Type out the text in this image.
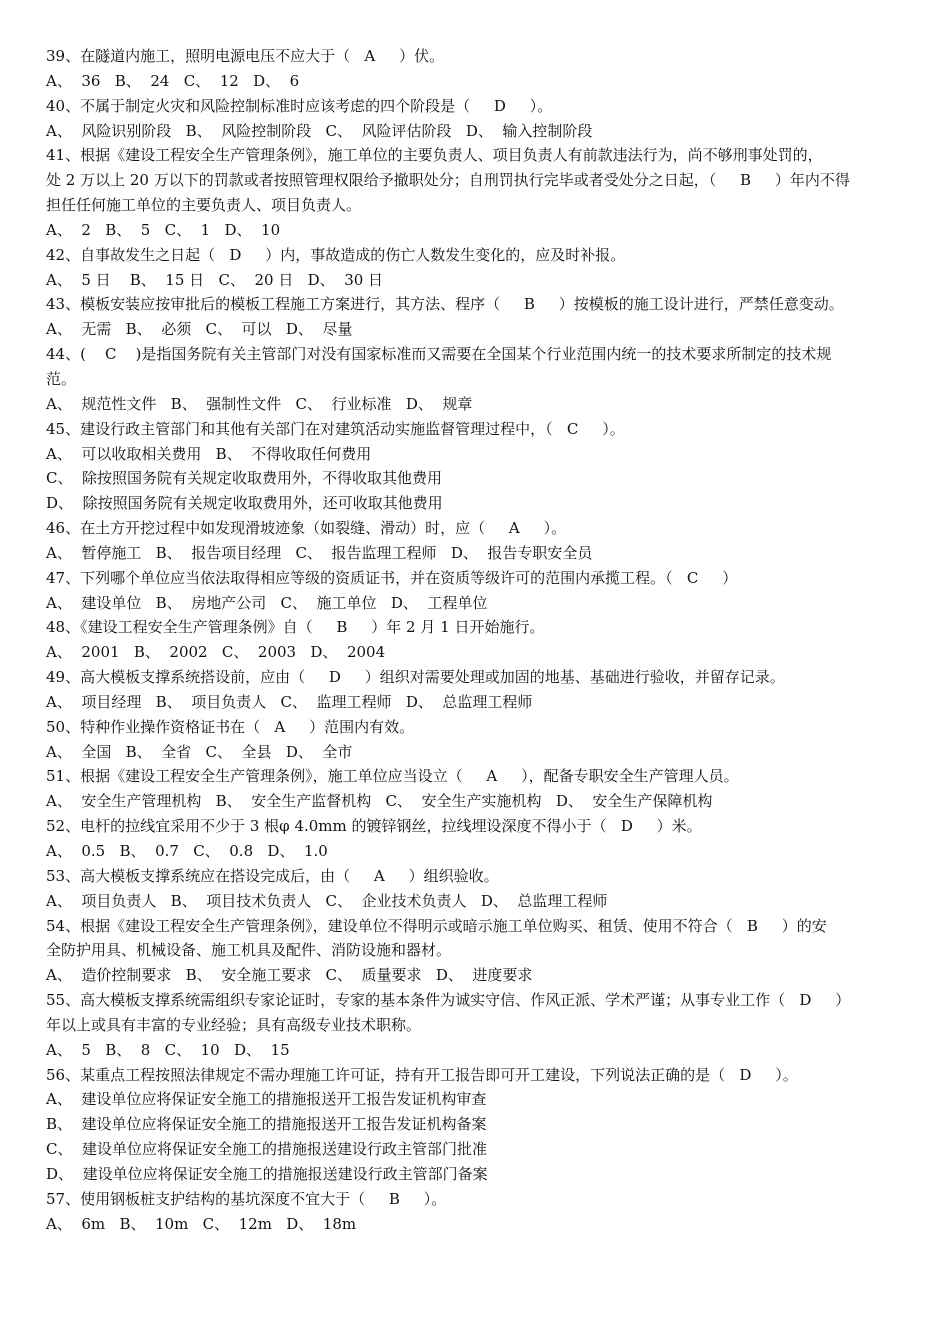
39、在隧道内施工，照明电源电压不应大于（   A     ）伏。
A、  36   B、  24   C、  12   D、  6
40、不属于制定火灾和风险控制标准时应该考虑的四个阶段是（     D     ）。
A、  风险识别阶段   B、  风险控制阶段   C、  风险评估阶段   D、  输入控制阶段
41、根据《建设工程安全生产管理条例》，施工单位的主要负责人、项目负责人有前款违法行为，尚不够刑事处罚的，
处 2 万以上 20 万以下的罚款或者按照管理权限给予撤职处分；自刑罚执行完毕或者受处分之日起，（     B     ）年内不得
担任任何施工单位的主要负责人、项目负责人。
A、  2   B、  5   C、  1   D、  10
42、自事故发生之日起（   D     ）内，事故造成的伤亡人数发生变化的，应及时补报。
A、  5 日    B、  15 日   C、  20 日   D、  30 日
43、模板安装应按审批后的模板工程施工方案进行，其方法、程序（     B     ）按模板的施工设计进行，严禁任意变动。
A、  无需   B、  必须   C、  可以   D、  尽量
44、(    C    )是指国务院有关主管部门对没有国家标准而又需要在全国某个行业范围内统一的技术要求所制定的技术规
范。
A、  规范性文件   B、  强制性文件   C、  行业标准   D、  规章
45、建设行政主管部门和其他有关部门在对建筑活动实施监督管理过程中，（   C     ）。
A、  可以收取相关费用   B、  不得收取任何费用
C、  除按照国务院有关规定收取费用外，不得收取其他费用
D、  除按照国务院有关规定收取费用外，还可收取其他费用
46、在土方开挖过程中如发现滑坡迹象（如裂缝、滑动）时，应（     A     ）。
A、  暂停施工   B、  报告项目经理   C、  报告监理工程师   D、  报告专职安全员
47、下列哪个单位应当依法取得相应等级的资质证书，并在资质等级许可的范围内承揽工程。（   C     ）
A、  建设单位   B、  房地产公司   C、  施工单位   D、  工程单位
48、《建设工程安全生产管理条例》自（     B     ）年 2 月 1 日开始施行。
A、  2001   B、  2002   C、  2003   D、  2004
49、高大模板支撑系统搭设前，应由（     D     ）组织对需要处理或加固的地基、基础进行验收，并留存记录。
A、  项目经理   B、  项目负责人   C、  监理工程师   D、  总监理工程师
50、特种作业操作资格证书在（   A     ）范围内有效。
A、  全国   B、  全省   C、  全县   D、  全市
51、根据《建设工程安全生产管理条例》，施工单位应当设立（     A     ），配备专职安全生产管理人员。
A、  安全生产管理机构   B、  安全生产监督机构   C、  安全生产实施机构   D、  安全生产保障机构
52、电杆的拉线宜采用不少于 3 根φ 4.0mm 的镀锌钢丝，拉线埋设深度不得小于（   D     ）米。
A、  0.5   B、  0.7   C、  0.8   D、  1.0
53、高大模板支撑系统应在搭设完成后，由（     A     ）组织验收。
A、  项目负责人   B、  项目技术负责人   C、  企业技术负责人   D、  总监理工程师
54、根据《建设工程安全生产管理条例》，建设单位不得明示或暗示施工单位购买、租赁、使用不符合（   B     ）的安
全防护用具、机械设备、施工机具及配件、消防设施和器材。
A、  造价控制要求   B、  安全施工要求   C、  质量要求   D、  进度要求
55、高大模板支撑系统需组织专家论证时，专家的基本条件为诚实守信、作风正派、学术严谨；从事专业工作（   D     ）
年以上或具有丰富的专业经验；具有高级专业技术职称。
A、  5   B、  8   C、  10   D、  15
56、某重点工程按照法律规定不需办理施工许可证，持有开工报告即可开工建设，下列说法正确的是（   D     ）。
A、  建设单位应将保证安全施工的措施报送开工报告发证机构审查
B、  建设单位应将保证安全施工的措施报送开工报告发证机构备案
C、  建设单位应将保证安全施工的措施报送建设行政主管部门批准
D、  建设单位应将保证安全施工的措施报送建设行政主管部门备案
57、使用钢板桩支护结构的基坑深度不宜大于（     B     ）。
A、  6m   B、  10m   C、  12m   D、  18m
